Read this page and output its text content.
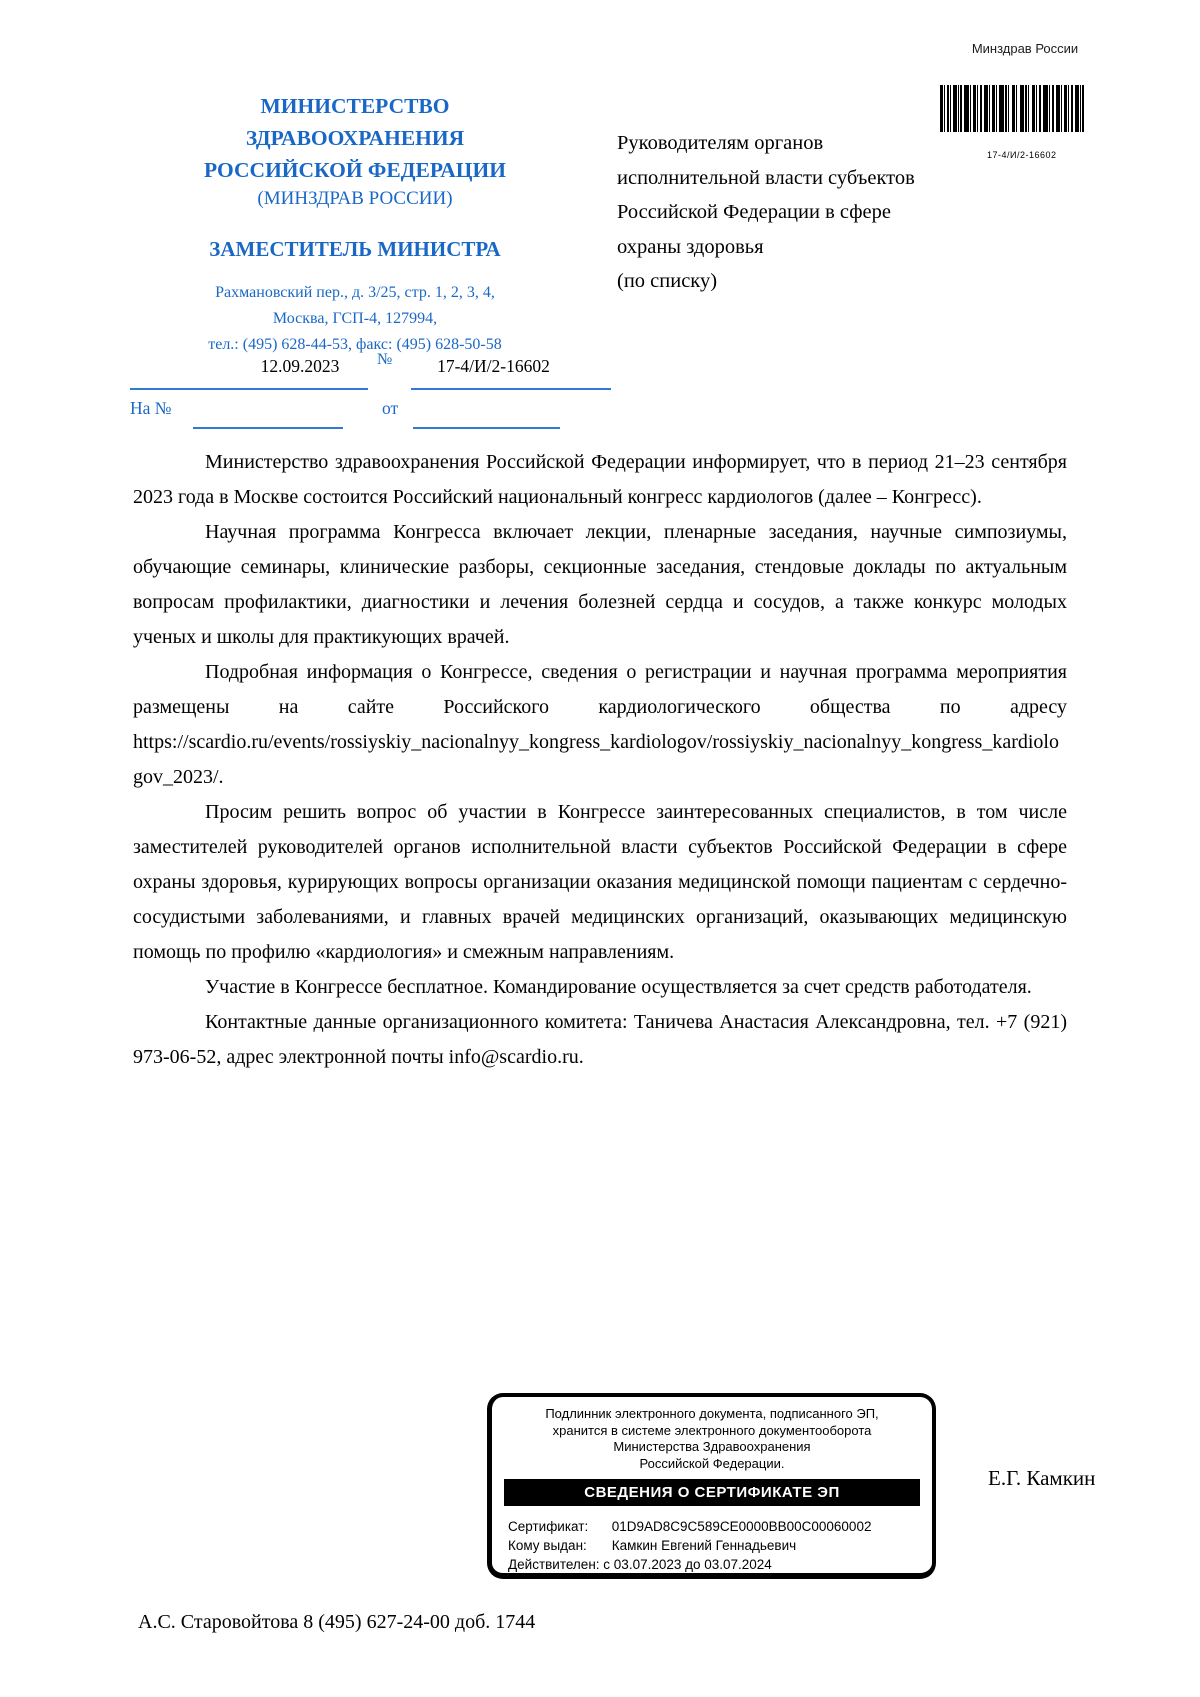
Минздрав России
17-4/И/2-16602
МИНИСТЕРСТВО
ЗДРАВООХРАНЕНИЯ
РОССИЙСКОЙ ФЕДЕРАЦИИ
(МИНЗДРАВ РОССИИ)
ЗАМЕСТИТЕЛЬ МИНИСТРА
Рахмановский пер., д. 3/25, стр. 1, 2, 3, 4,
Москва, ГСП-4, 127994,
тел.: (495) 628-44-53, факс: (495) 628-50-58
Руководителям органов
исполнительной власти субъектов
Российской Федерации в сфере
охраны здоровья
(по списку)
12.09.2023	№	17-4/И/2-16602
На №	от

Министерство здравоохранения Российской Федерации информирует, что в период 21–23 сентября 2023 года в Москве состоится Российский национальный конгресс кардиологов (далее – Конгресс).

Научная программа Конгресса включает лекции, пленарные заседания, научные симпозиумы, обучающие семинары, клинические разборы, секционные заседания, стендовые доклады по актуальным вопросам профилактики, диагностики и лечения болезней сердца и сосудов, а также конкурс молодых ученых и школы для практикующих врачей.

Подробная информация о Конгрессе, сведения о регистрации и научная программа мероприятия размещены на сайте Российского кардиологического общества по адресу https://scardio.ru/events/rossiyskiy_nacionalnyy_kongress_kardiologov/rossiyskiy_nacionalnyy_kongress_kardiologov_2023/.

Просим решить вопрос об участии в Конгрессе заинтересованных специалистов, в том числе заместителей руководителей органов исполнительной власти субъектов Российской Федерации в сфере охраны здоровья, курирующих вопросы организации оказания медицинской помощи пациентам с сердечно-сосудистыми заболеваниями, и главных врачей медицинских организаций, оказывающих медицинскую помощь по профилю «кардиология» и смежным направлениям.

Участие в Конгрессе бесплатное. Командирование осуществляется за счет средств работодателя.

Контактные данные организационного комитета: Таничева Анастасия Александровна, тел. +7 (921) 973-06-52, адрес электронной почты info@scardio.ru.

Подлинник электронного документа, подписанного ЭП,
хранится в системе электронного документооборота
Министерства Здравоохранения
Российской Федерации.
СВЕДЕНИЯ О СЕРТИФИКАТЕ ЭП
Сертификат: 01D9AD8C9C589CE0000BB00C00060002
Кому выдан: Камкин Евгений Геннадьевич
Действителен: с 03.07.2023 до 03.07.2024
Е.Г. Камкин
А.С. Старовойтова 8 (495) 627-24-00 доб. 1744
